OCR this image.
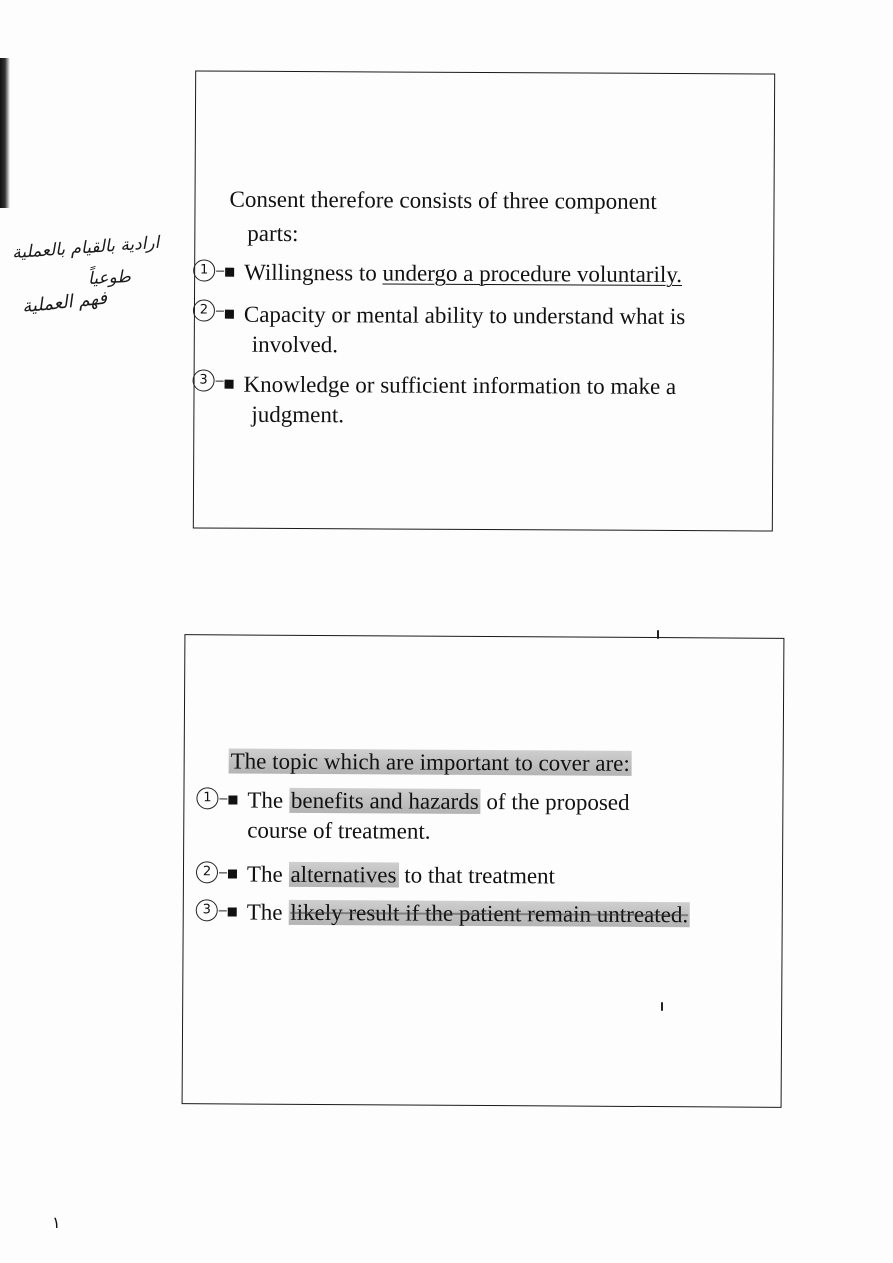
ارادية بالقيام بالعملية
طوعياً
فهم العملية
Consent therefore consists of three component
parts:
1	Willingness to undergo a procedure voluntarily.
2	Capacity or mental ability to understand what is
involved.
3	Knowledge or sufficient information to make a
judgment.
The topic which are important to cover are:
1	The benefits and hazards of the proposed
course of treatment.
2	The alternatives to that treatment
3	The likely result if the patient remain untreated.
١
